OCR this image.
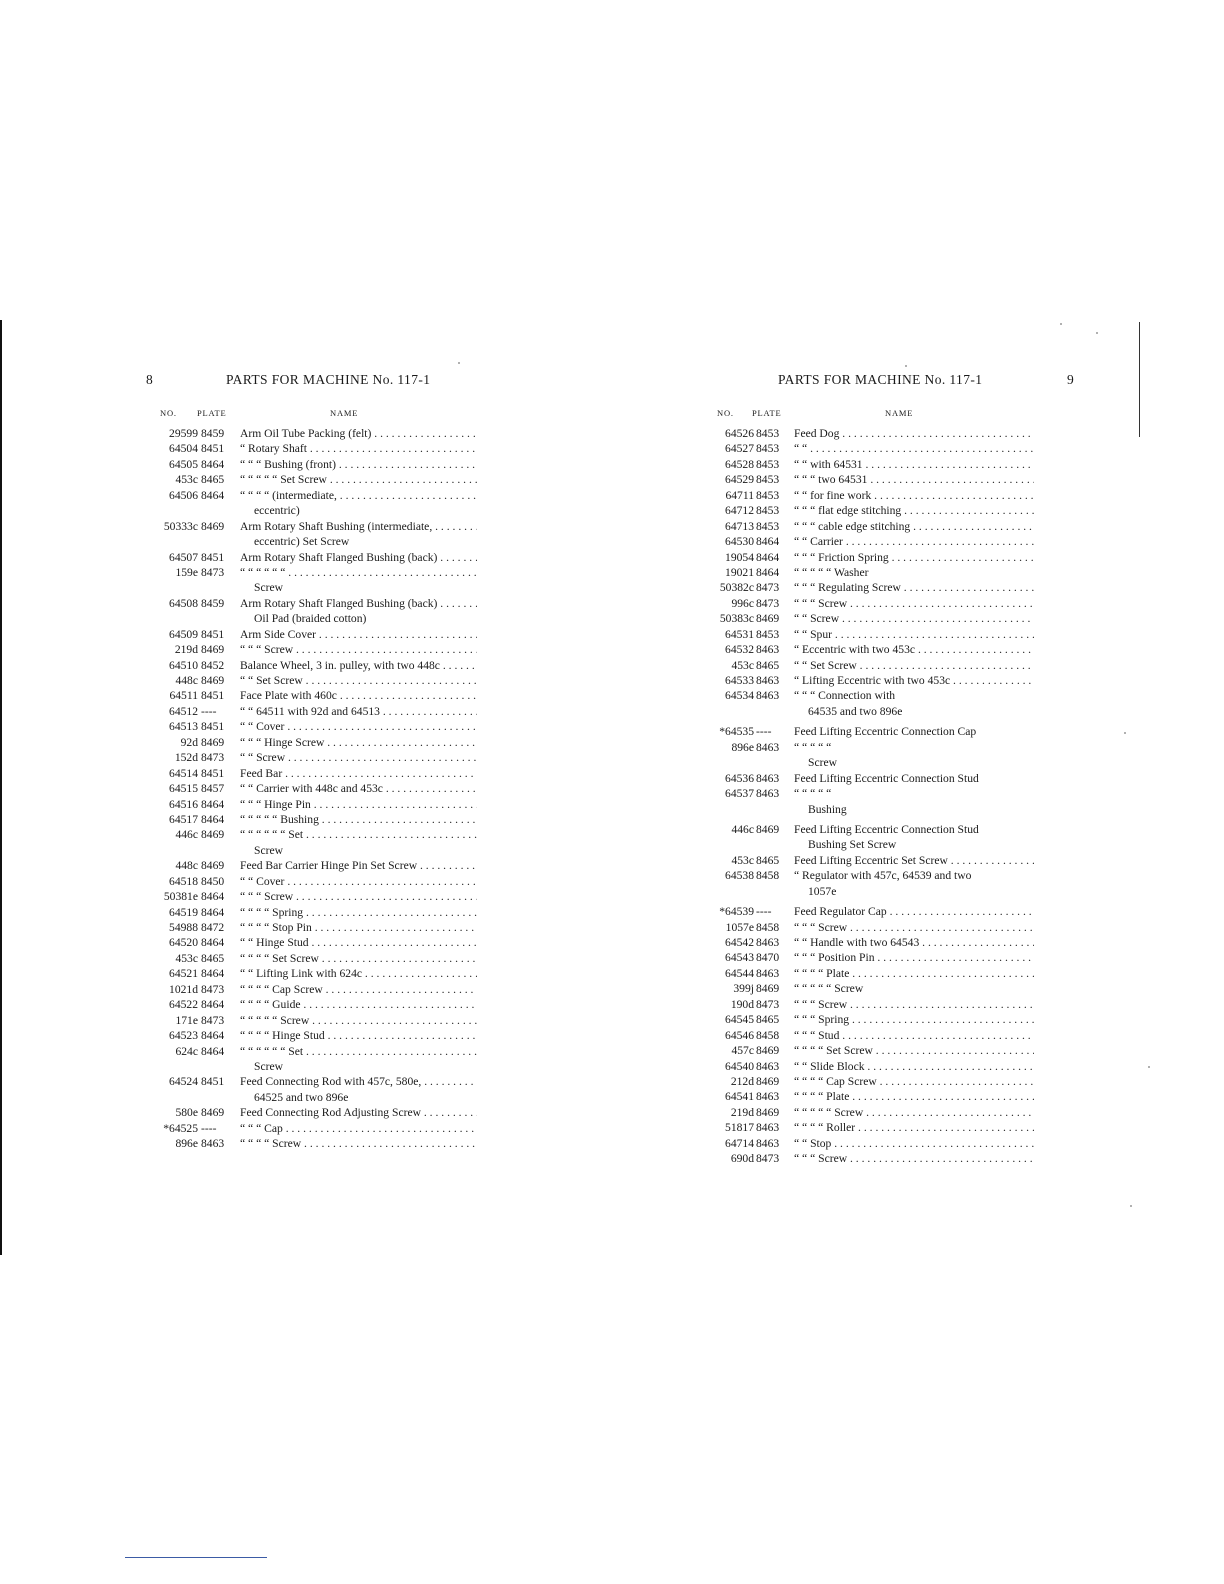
8	PARTS FOR MACHINE No. 117-1
NO. PLATE	NAME
29599 8459 Arm Oil Tube Packing (felt) . . .
64504 8451 “ Rotary Shaft . . .
64505 8464 “ “ “ Bushing (front) . . .
453c 8465 “ “ “ “ “ Set Screw . . .
64506 8464 “ “ “ “ (intermediate, . . .
eccentric)
50333c 8469 Arm Rotary Shaft Bushing (intermediate, . . .
eccentric) Set Screw
64507 8451 Arm Rotary Shaft Flanged Bushing (back) . . .
159e 8473 “ “ “ “ “ “ . . .
Screw
64508 8459 Arm Rotary Shaft Flanged Bushing (back) . . .
Oil Pad (braided cotton)
64509 8451 Arm Side Cover . . .
219d 8469 “ “ “ Screw . . .
64510 8452 Balance Wheel, 3 in. pulley, with two 448c . . .
448c 8469 “ “ Set Screw . . .
64511 8451 Face Plate with 460c . . .
64512 ---- “ “ 64511 with 92d and 64513 . . .
64513 8451 “ “ Cover . . .
92d 8469 “ “ “ Hinge Screw . . .
152d 8473 “ “ Screw . . .
64514 8451 Feed Bar . . .
64515 8457 “ “ Carrier with 448c and 453c . . .
64516 8464 “ “ “ Hinge Pin . . .
64517 8464 “ “ “ “ “ Bushing . . .
446c 8469 “ “ “ “ “ “ Set . . .
Screw
448c 8469 Feed Bar Carrier Hinge Pin Set Screw . . .
64518 8450 “ “ Cover . . .
50381e 8464 “ “ “ Screw . . .
64519 8464 “ “ “ “ Spring . . .
54988 8472 “ “ “ “ Stop Pin . . .
64520 8464 “ “ Hinge Stud . . .
453c 8465 “ “ “ “ Set Screw . . .
64521 8464 “ “ Lifting Link with 624c . . .
1021d 8473 “ “ “ “ Cap Screw . . .
64522 8464 “ “ “ “ Guide . . .
171e 8473 “ “ “ “ “ Screw . . .
64523 8464 “ “ “ “ Hinge Stud . . .
624c 8464 “ “ “ “ “ “ Set . . .
Screw
64524 8451 Feed Connecting Rod with 457c, 580e, . . .
64525 and two 896e
580e 8469 Feed Connecting Rod Adjusting Screw . . .
*64525 ---- “ “ “ Cap . . .
896e 8463 “ “ “ “ Screw . . .
PARTS FOR MACHINE No. 117-1	9
NO. PLATE	NAME
64526 8453 Feed Dog . . .
64527 8453 “ “ . . .
64528 8453 “ “ with 64531 . . .
64529 8453 “ “ “ two 64531 . . .
64711 8453 “ “ for fine work . . .
64712 8453 “ “ “ flat edge stitching . . .
64713 8453 “ “ “ cable edge stitching . . .
64530 8464 “ “ Carrier . . .
19054 8464 “ “ “ Friction Spring . . .
19021 8464 “ “ “ “ “ Washer
50382c 8473 “ “ “ Regulating Screw . . .
996c 8473 “ “ “ Screw . . .
50383c 8469 “ “ Screw . . .
64531 8453 “ “ Spur . . .
64532 8463 “ Eccentric with two 453c . . .
453c 8465 “ “ Set Screw . . .
64533 8463 “ Lifting Eccentric with two 453c . . .
64534 8463 “ “ “ Connection with
64535 and two 896e
*64535 ---- Feed Lifting Eccentric Connection Cap
896e 8463 “ “ “ “ “
Screw
64536 8463 Feed Lifting Eccentric Connection Stud
64537 8463 “ “ “ “ “
Bushing
446c 8469 Feed Lifting Eccentric Connection Stud
Bushing Set Screw
453c 8465 Feed Lifting Eccentric Set Screw . . .
64538 8458 “ Regulator with 457c, 64539 and two
1057e
*64539 ---- Feed Regulator Cap . . .
1057e 8458 “ “ “ Screw . . .
64542 8463 “ “ Handle with two 64543 . . .
64543 8470 “ “ “ Position Pin . . .
64544 8463 “ “ “ “ Plate . . .
399j 8469 “ “ “ “ “ Screw
190d 8473 “ “ “ Screw . . .
64545 8465 “ “ “ Spring . . .
64546 8458 “ “ “ Stud . . .
457c 8469 “ “ “ “ Set Screw . . .
64540 8463 “ “ Slide Block . . .
212d 8469 “ “ “ “ Cap Screw . . .
64541 8463 “ “ “ “ Plate . . .
219d 8469 “ “ “ “ “ Screw . . .
51817 8463 “ “ “ “ Roller . . .
64714 8463 “ “ Stop . . .
690d 8473 “ “ “ Screw . . .
